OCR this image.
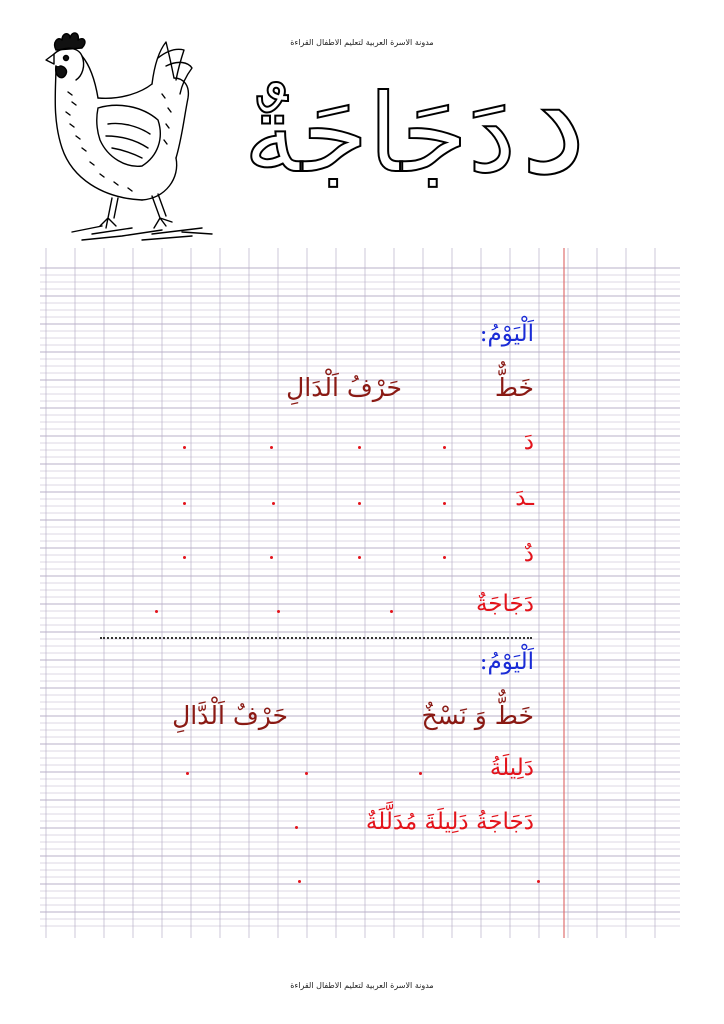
مدونة الاسرة العربية لتعليم الاطفال القراءة د
دَجَاجَةٌ
اَلْيَوْمُ:
خَطٌّ
حَرْفُ اَلْدَالِ
دَ
ـدَ
دٌ
دَجَاجَةٌ
اَلْيَوْمُ:
خَطٌّ وَ نَسْخٌ
حَرْفٌ اَلْدَّالِ
دَلِيلَةُ
دَجَاجَةُ دَلِيلَةَ مُدَلَّلَةٌ
مدونة الاسرة العربية لتعليم الاطفال القراءة
